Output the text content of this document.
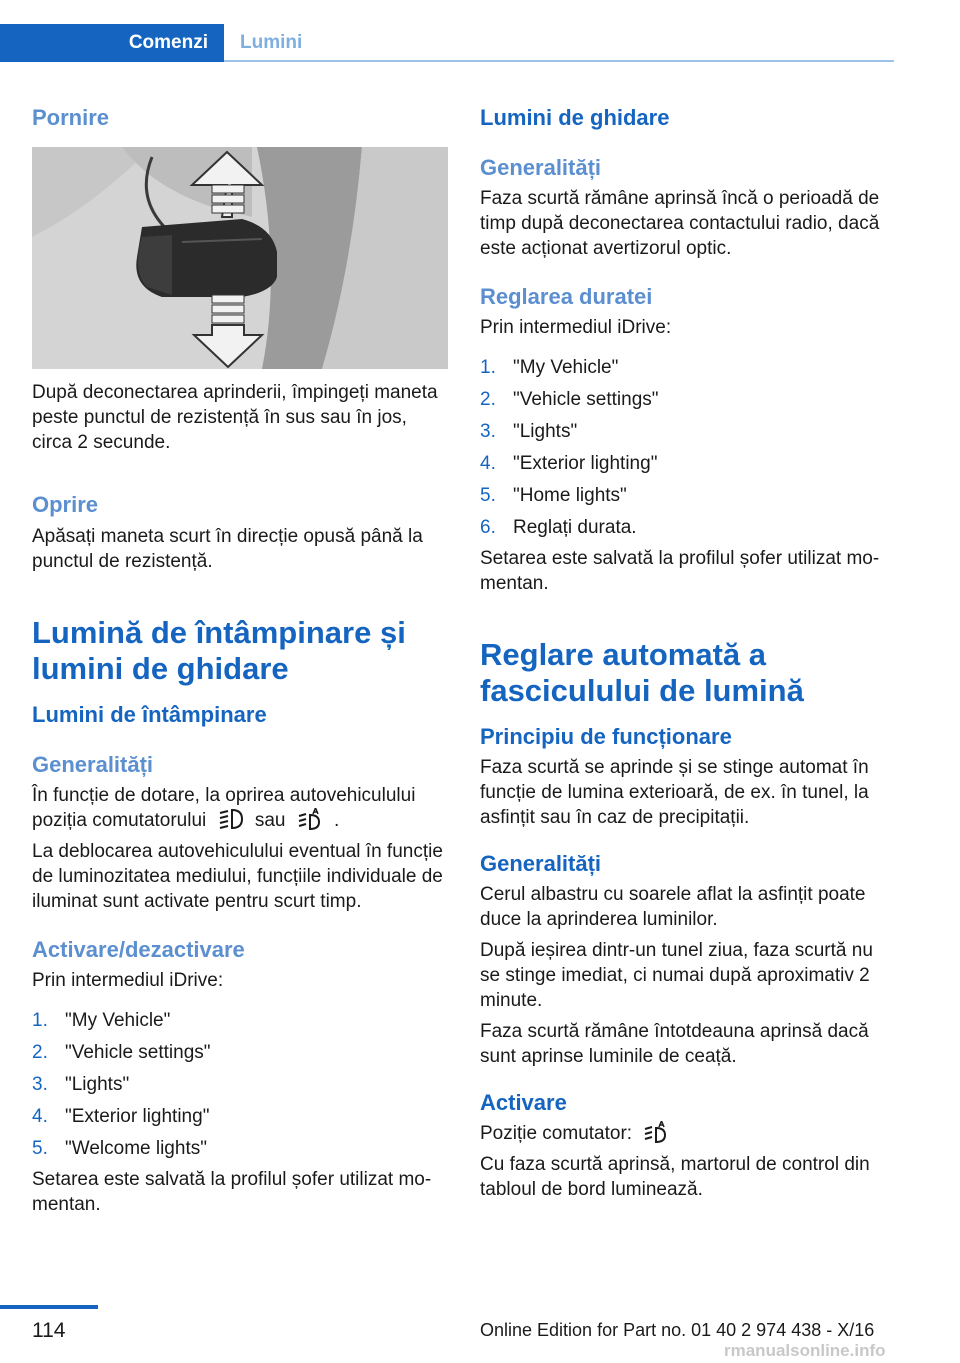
Comenzi	Lumini
Pornire

După deconectarea aprinderii, împingeți maneta peste punctul de rezistență în sus sau în jos, circa 2 secunde.

Oprire

Apăsați maneta scurt în direcție opusă până la punctul de rezistență.

Lumină de întâmpinare și lumini de ghidare
Lumini de întâmpinare
Generalități

În funcție de dotare, la oprirea autovehiculului poziția comutatorului	sau	.

La deblocarea autovehiculului eventual în funcție de luminozitatea mediului, funcțiile individuale de iluminat sunt activate pentru scurt timp.

Activare/dezactivare

Prin intermediul iDrive:

1. "My Vehicle"
2. "Vehicle settings"
3. "Lights"
4. "Exterior lighting"
5. "Welcome lights"

Setarea este salvată la profilul șofer utilizat momentan.

Lumini de ghidare
Generalități

Faza scurtă rămâne aprinsă încă o perioadă de timp după deconectarea contactului radio, dacă este acționat avertizorul optic.

Reglarea duratei

Prin intermediul iDrive:

1. "My Vehicle"
2. "Vehicle settings"
3. "Lights"
4. "Exterior lighting"
5. "Home lights"
6. Reglați durata.

Setarea este salvată la profilul șofer utilizat momentan.

Reglare automată a fasciculului de lumină
Principiu de funcționare

Faza scurtă se aprinde și se stinge automat în funcție de lumina exterioară, de ex. în tunel, la asfințit sau în caz de precipitații.

Generalități

Cerul albastru cu soarele aflat la asfințit poate duce la aprinderea luminilor.

După ieșirea dintr-un tunel ziua, faza scurtă nu se stinge imediat, ci numai după aproximativ 2 minute.

Faza scurtă rămâne întotdeauna aprinsă dacă sunt aprinse luminile de ceață.

Activare

Poziție comutator:

Cu faza scurtă aprinsă, martorul de control din tabloul de bord luminează.

114	Online Edition for Part no. 01 40 2 974 438 - X/16
rmanualsonline.info
